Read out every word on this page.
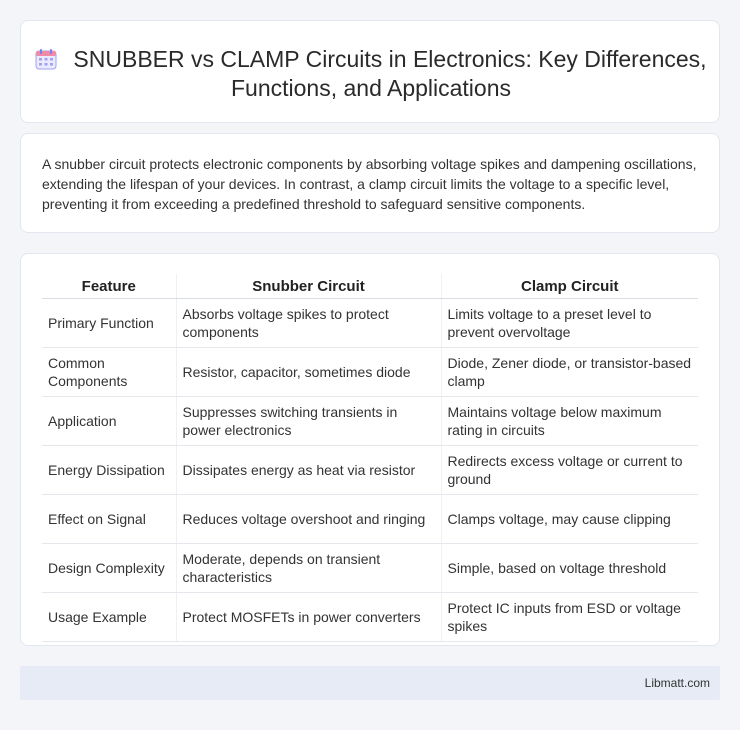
SNUBBER vs CLAMP Circuits in Electronics: Key Differences, Functions, and Applications

A snubber circuit protects electronic components by absorbing voltage spikes and dampening oscillations, extending the lifespan of your devices. In contrast, a clamp circuit limits the voltage to a specific level, preventing it from exceeding a predefined threshold to safeguard sensitive components.

Feature	Snubber Circuit	Clamp Circuit
Primary Function	Absorbs voltage spikes to protect components	Limits voltage to a preset level to prevent overvoltage
Common Components	Resistor, capacitor, sometimes diode	Diode, Zener diode, or transistor-based clamp
Application	Suppresses switching transients in power electronics	Maintains voltage below maximum rating in circuits
Energy Dissipation	Dissipates energy as heat via resistor	Redirects excess voltage or current to ground
Effect on Signal	Reduces voltage overshoot and ringing	Clamps voltage, may cause clipping
Design Complexity	Moderate, depends on transient characteristics	Simple, based on voltage threshold
Usage Example	Protect MOSFETs in power converters	Protect IC inputs from ESD or voltage spikes
Libmatt.com
